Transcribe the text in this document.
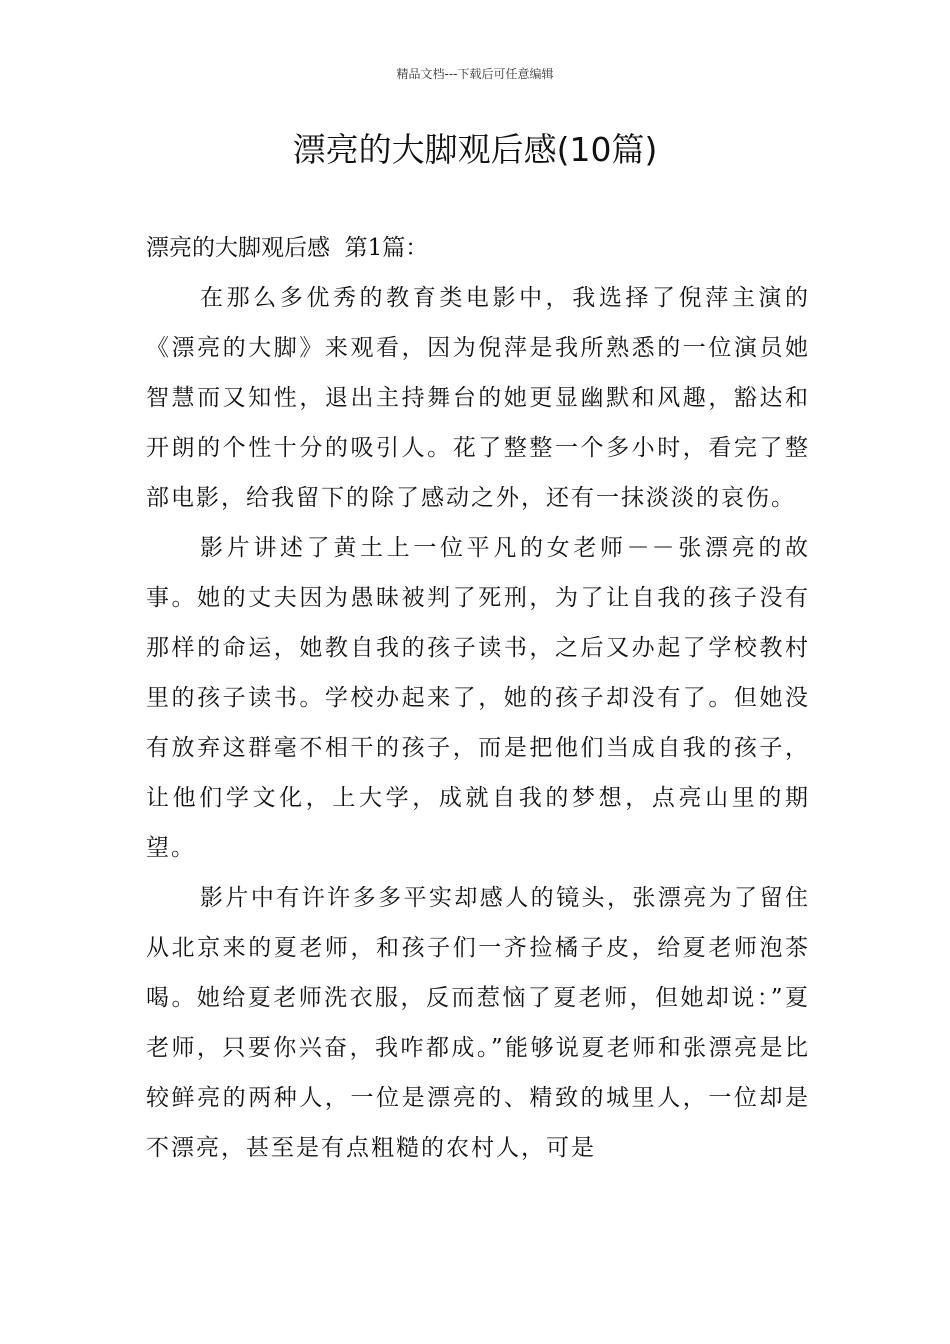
精品文档---下载后可任意编辑
漂亮的大脚观后感(10篇)

漂亮的大脚观后感  第1篇：

在那么多优秀的教育类电影中，我选择了倪萍主演的《漂亮的大脚》来观看，因为倪萍是我所熟悉的一位演员她智慧而又知性，退出主持舞台的她更显幽默和风趣，豁达和开朗的个性十分的吸引人。花了整整一个多小时，看完了整部电影，给我留下的除了感动之外，还有一抹淡淡的哀伤。

影片讲述了黄土上一位平凡的女老师－－张漂亮的故事。她的丈夫因为愚昧被判了死刑，为了让自我的孩子没有那样的命运，她教自我的孩子读书，之后又办起了学校教村里的孩子读书。学校办起来了，她的孩子却没有了。但她没有放弃这群毫不相干的孩子，而是把他们当成自我的孩子，让他们学文化，上大学，成就自我的梦想，点亮山里的期望。

影片中有许许多多平实却感人的镜头，张漂亮为了留住从北京来的夏老师，和孩子们一齐捡橘子皮，给夏老师泡茶喝。她给夏老师洗衣服，反而惹恼了夏老师，但她却说：”夏老师，只要你兴奋，我咋都成。”能够说夏老师和张漂亮是比较鲜亮的两种人，一位是漂亮的、精致的城里人，一位却是不漂亮，甚至是有点粗糙的农村人，可是
